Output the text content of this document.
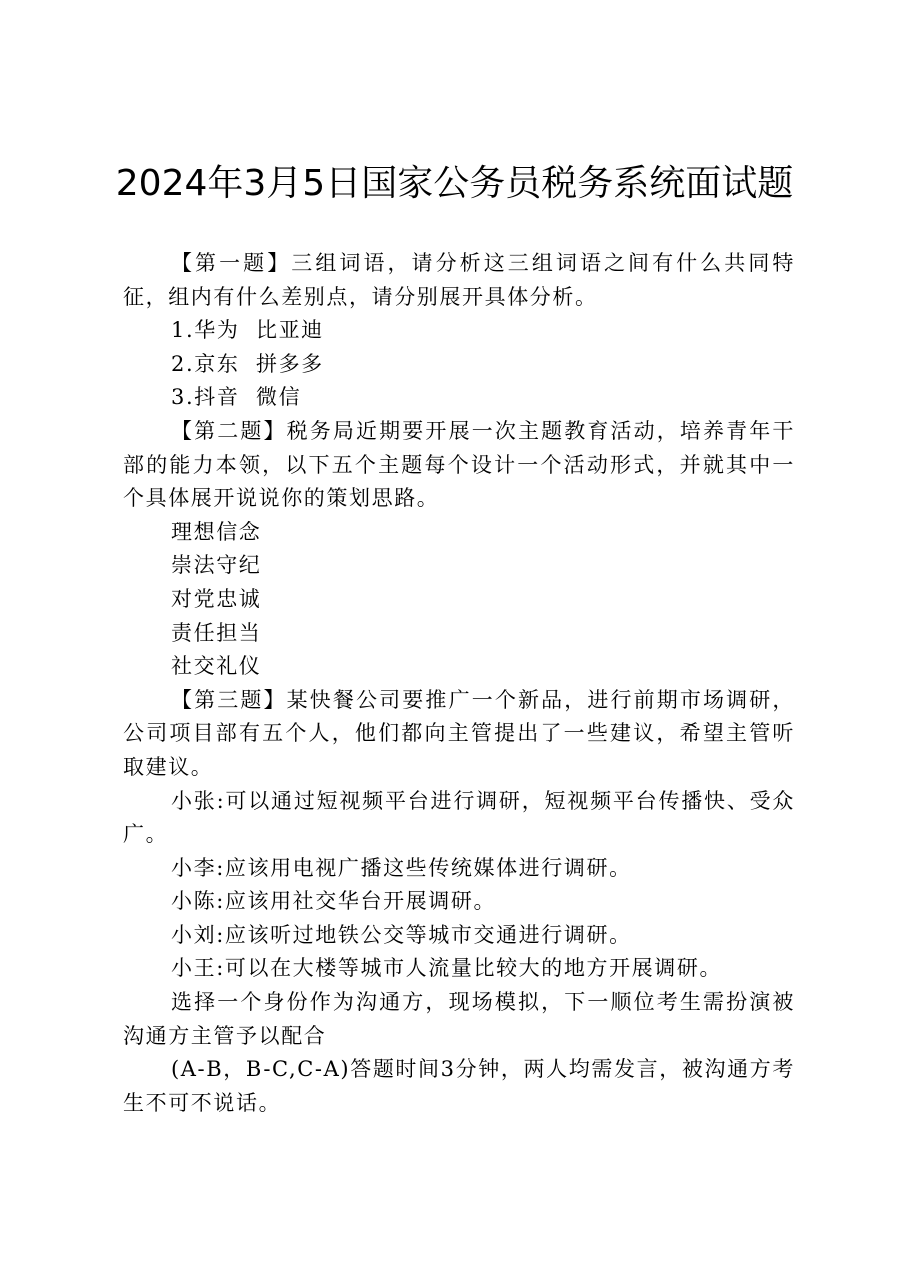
2024年3月5日国家公务员税务系统面试题

【第一题】三组词语，请分析这三组词语之间有什么共同特征，组内有什么差别点，请分别展开具体分析。

1.华为  比亚迪

2.京东  拼多多

3.抖音  微信

【第二题】税务局近期要开展一次主题教育活动，培养青年干部的能力本领，以下五个主题每个设计一个活动形式，并就其中一个具体展开说说你的策划思路。

理想信念

崇法守纪

对党忠诚

责任担当

社交礼仪

【第三题】某快餐公司要推广一个新品，进行前期市场调研，公司项目部有五个人，他们都向主管提出了一些建议，希望主管听取建议。

小张:可以通过短视频平台进行调研，短视频平台传播快、受众广。

小李:应该用电视广播这些传统媒体进行调研。

小陈:应该用社交华台开展调研。

小刘:应该听过地铁公交等城市交通进行调研。

小王:可以在大楼等城市人流量比较大的地方开展调研。

选择一个身份作为沟通方，现场模拟，下一顺位考生需扮演被沟通方主管予以配合

(A-B，B-C,C-A)答题时间3分钟，两人均需发言，被沟通方考生不可不说话。
